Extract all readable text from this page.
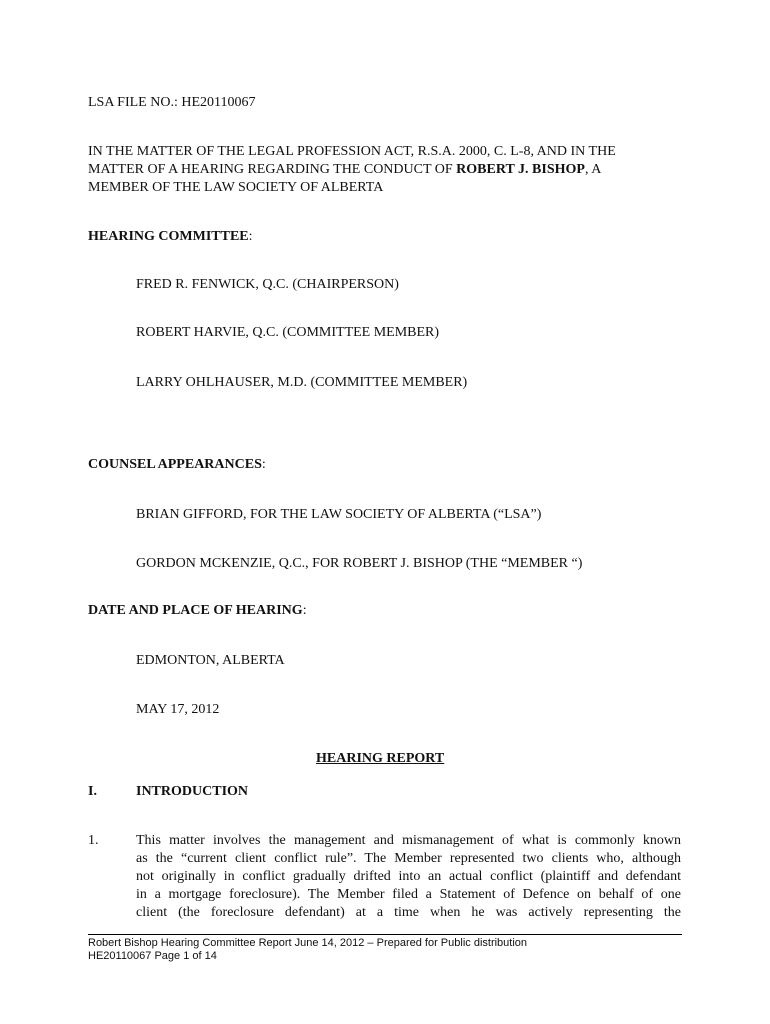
LSA FILE NO.: HE20110067
IN THE MATTER OF THE LEGAL PROFESSION ACT, R.S.A. 2000, C. L-8, AND IN THE
MATTER OF A HEARING REGARDING THE CONDUCT OF ROBERT J. BISHOP, A
MEMBER OF THE LAW SOCIETY OF ALBERTA
HEARING COMMITTEE:
FRED R. FENWICK, Q.C. (CHAIRPERSON)
ROBERT HARVIE, Q.C. (COMMITTEE MEMBER)
LARRY OHLHAUSER, M.D. (COMMITTEE MEMBER)
COUNSEL APPEARANCES:
BRIAN GIFFORD, FOR THE LAW SOCIETY OF ALBERTA (“LSA”)
GORDON MCKENZIE, Q.C., FOR ROBERT J. BISHOP (THE “MEMBER “)
DATE AND PLACE OF HEARING:
EDMONTON, ALBERTA
MAY 17, 2012
HEARING REPORT
I.	INTRODUCTION
1.	This matter involves the management and mismanagement of what is commonly known
as the “current client conflict rule”. The Member represented two clients who, although
not originally in conflict gradually drifted into an actual conflict (plaintiff and defendant
in a mortgage foreclosure). The Member filed a Statement of Defence on behalf of one
client (the foreclosure defendant) at a time when he was actively representing the
Robert Bishop Hearing Committee Report June 14, 2012 – Prepared for Public distribution
HE20110067 Page 1 of 14
